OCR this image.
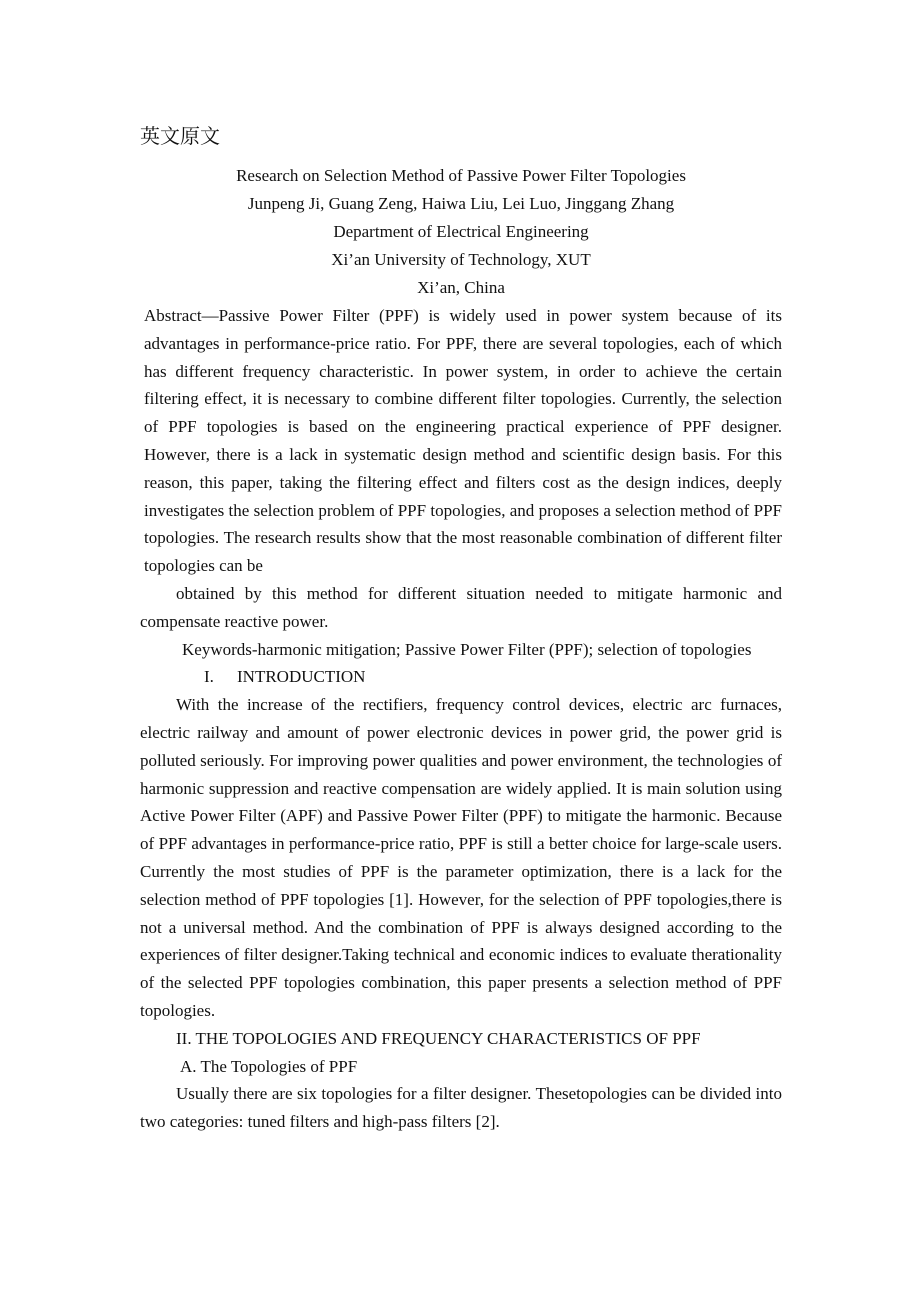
英文原文

Research on Selection Method of Passive Power Filter Topologies

Junpeng Ji, Guang Zeng, Haiwa Liu, Lei Luo, Jinggang Zhang

Department of Electrical Engineering

Xi’an University of Technology, XUT

Xi’an, China

Abstract—Passive Power Filter (PPF) is widely used in power system because of its advantages in performance-price ratio. For PPF, there are several topologies, each of which has different frequency characteristic. In power system, in order to achieve the certain filtering effect, it is necessary to combine different filter topologies. Currently, the selection of PPF topologies is based on the engineering practical experience of PPF designer. However, there is a lack in systematic design method and scientific design basis. For this reason, this paper, taking the filtering effect and filters cost as the design indices, deeply investigates the selection problem of PPF topologies, and proposes a selection method of PPF topologies. The research results show that the most reasonable combination of different filter topologies can be

obtained by this method for different situation needed to mitigate harmonic and compensate reactive power.

Keywords-harmonic mitigation; Passive Power Filter (PPF); selection of topologies

I. INTRODUCTION

With the increase of the rectifiers, frequency control devices, electric arc furnaces, electric railway and amount of power electronic devices in power grid, the power grid is polluted seriously. For improving power qualities and power environment, the technologies of harmonic suppression and reactive compensation are widely applied. It is main solution using Active Power Filter (APF) and Passive Power Filter (PPF) to mitigate the harmonic. Because of PPF advantages in performance-price ratio, PPF is still a better choice for large-scale users. Currently the most studies of PPF is the parameter optimization, there is a lack for the selection method of PPF topologies [1]. However, for the selection of PPF topologies,there is not a universal method. And the combination of PPF is always designed according to the experiences of filter designer.Taking technical and economic indices to evaluate therationality of the selected PPF topologies combination, this paper presents a selection method of PPF topologies.

II. THE TOPOLOGIES AND FREQUENCY CHARACTERISTICS OF PPF

A. The Topologies of PPF

Usually there are six topologies for a filter designer. Thesetopologies can be divided into two categories: tuned filters and high-pass filters [2].
